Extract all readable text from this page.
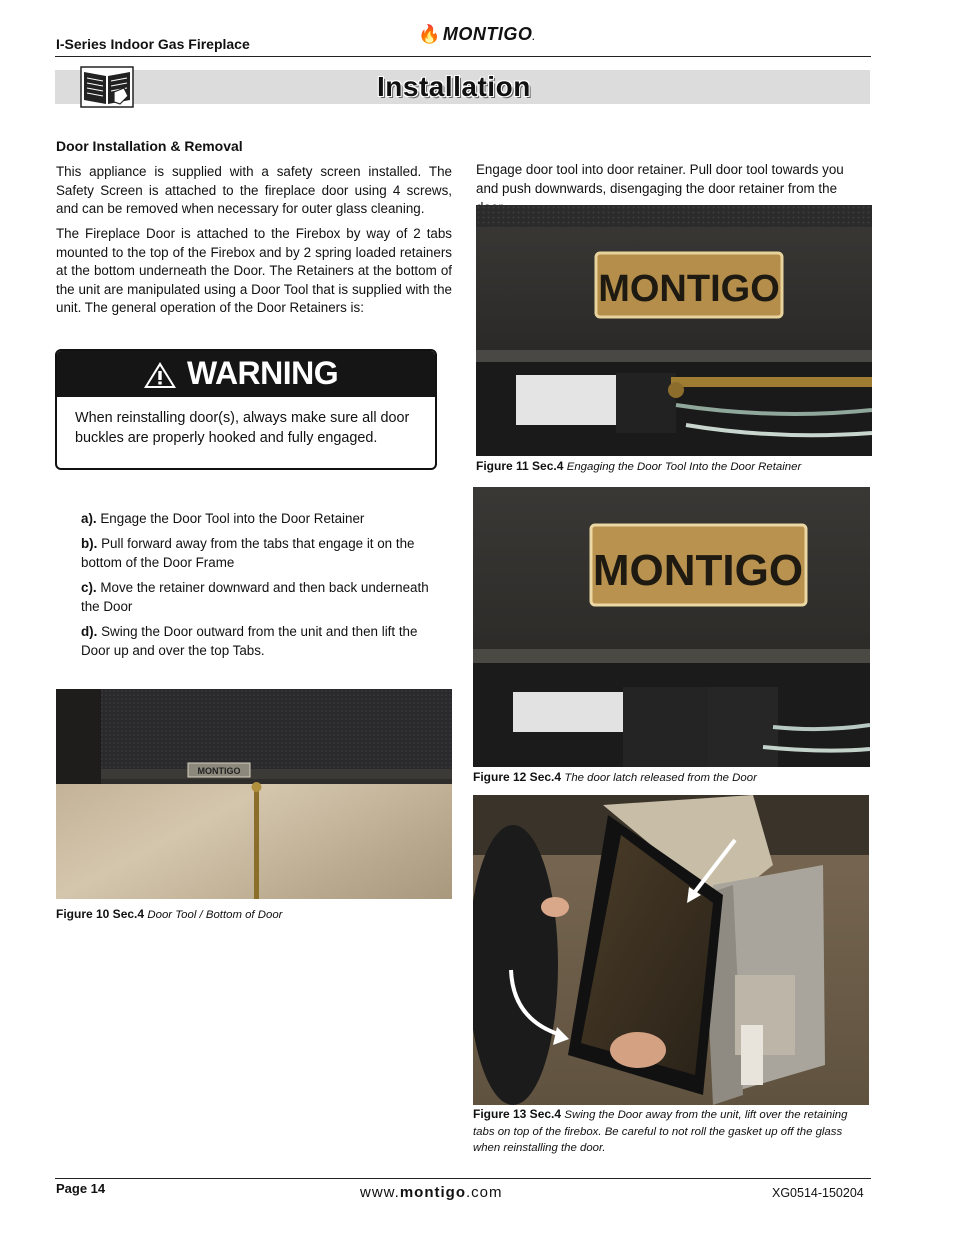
I-Series Indoor Gas Fireplace	🔥 MONTIGO.
Installation
Door Installation & Removal
This appliance is supplied with a safety screen installed. The Safety Screen is attached to the fireplace door using 4 screws, and can be removed when necessary for outer glass cleaning.
The Fireplace Door is attached to the Firebox by way of 2 tabs mounted to the top of the Firebox and by 2 spring loaded retainers at the bottom underneath the Door. The Retainers at the bottom of the unit are manipulated using a Door Tool that is supplied with the unit. The general operation of the Door Retainers is:
WARNING
When reinstalling door(s), always make sure all door buckles are properly hooked and fully engaged.
a). Engage the Door Tool into the Door Retainer
b). Pull forward away from the tabs that engage it on the bottom of the Door Frame
c). Move the retainer downward and then back underneath the Door
d). Swing the Door outward from the unit and then lift the Door up and over the top Tabs.
MONTIGO
Figure 10 Sec.4 Door Tool / Bottom of Door
Engage door tool into door retainer. Pull door tool towards you and push downwards, disengaging the door retainer from the
MONTIGO
Figure 11 Sec.4 Engaging the Door Tool Into the Door Retainer
MONTIGO
Figure 12 Sec.4 The door latch released from the Door
Figure 13 Sec.4 Swing the Door away from the unit, lift over the retaining tabs on top of the firebox. Be careful to not roll the gasket up off the glass when reinstalling the door.
Page 14	www.montigo.com	XG0514-150204
